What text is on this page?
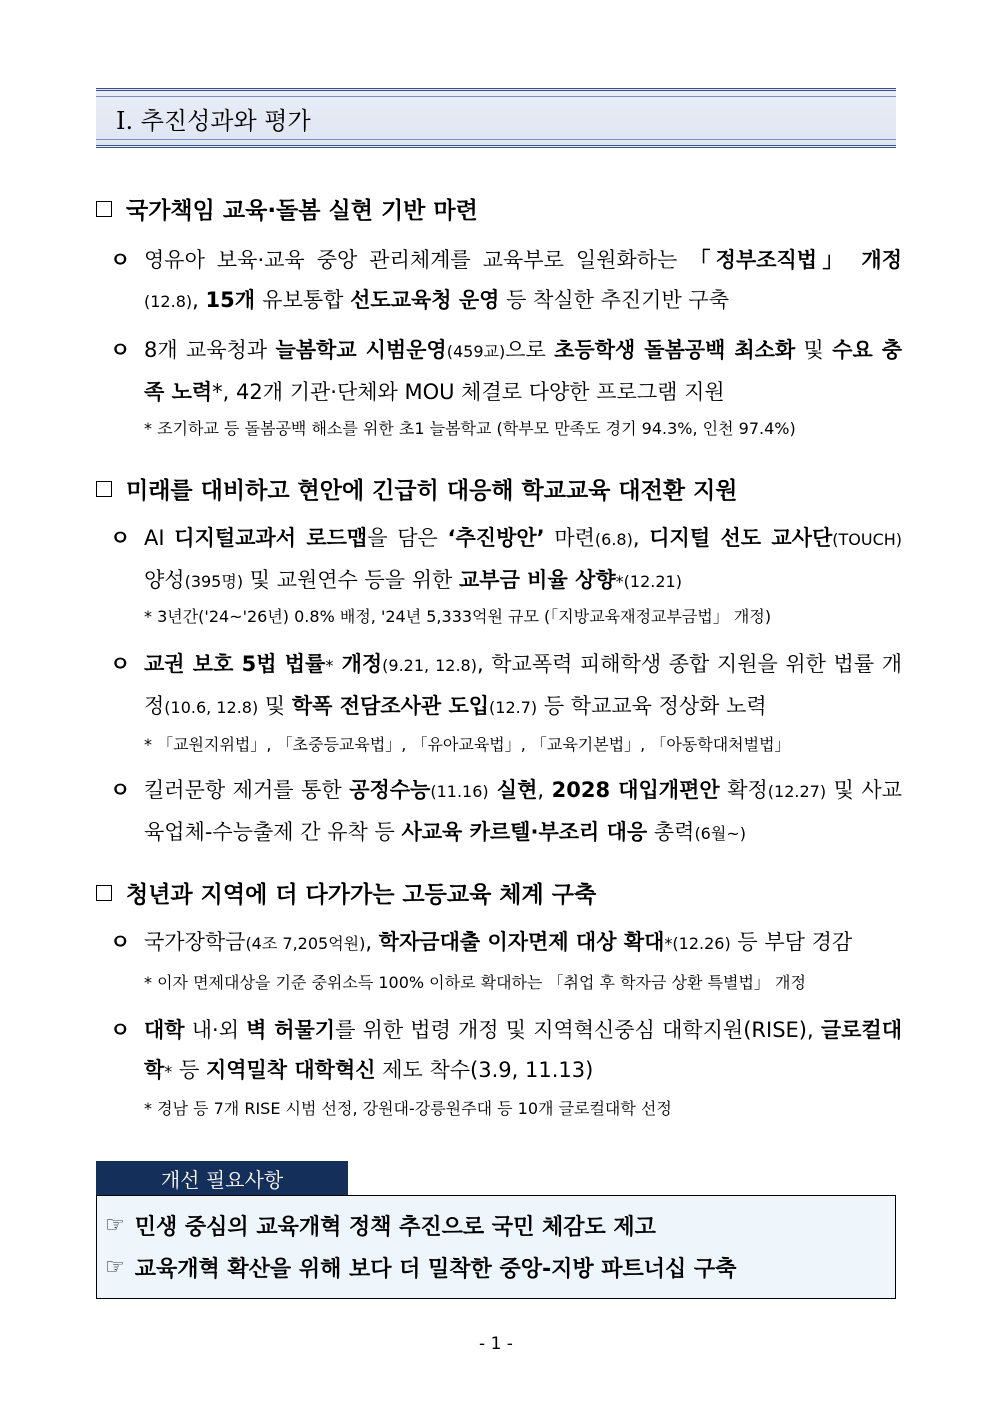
Ⅰ. 추진성과와 평가
국가책임 교육·돌봄 실현 기반 마련
ㅇ 영유아 보육·교육 중앙 관리체계를 교육부로 일원화하는 「정부조직법」 개정(12.8), 15개 유보통합 선도교육청 운영 등 착실한 추진기반 구축
ㅇ 8개 교육청과 늘봄학교 시범운영(459교)으로 초등학생 돌봄공백 최소화 및 수요 충족 노력*, 42개 기관·단체와 MOU 체결로 다양한 프로그램 지원
* 조기하교 등 돌봄공백 해소를 위한 초1 늘봄학교 (학부모 만족도 경기 94.3%, 인천 97.4%)
미래를 대비하고 현안에 긴급히 대응해 학교교육 대전환 지원
ㅇ AI 디지털교과서 로드맵을 담은 ‘추진방안’ 마련(6.8), 디지털 선도 교사단(TOUCH) 양성(395명) 및 교원연수 등을 위한 교부금 비율 상향*(12.21)
* 3년간('24~'26년) 0.8% 배정, '24년 5,333억원 규모 (「지방교육재정교부금법」 개정)
ㅇ 교권 보호 5법 법률* 개정(9.21, 12.8), 학교폭력 피해학생 종합 지원을 위한 법률 개정(10.6, 12.8) 및 학폭 전담조사관 도입(12.7) 등 학교교육 정상화 노력
* 「교원지위법」, 「초중등교육법」, 「유아교육법」, 「교육기본법」, 「아동학대처벌법」
ㅇ 킬러문항 제거를 통한 공정수능(11.16) 실현, 2028 대입개편안 확정(12.27) 및 사교육업체-수능출제 간 유착 등 사교육 카르텔·부조리 대응 총력(6월~)
청년과 지역에 더 다가가는 고등교육 체계 구축
ㅇ 국가장학금(4조 7,205억원), 학자금대출 이자면제 대상 확대*(12.26) 등 부담 경감
* 이자 면제대상을 기준 중위소득 100% 이하로 확대하는 「취업 후 학자금 상환 특별법」 개정
ㅇ 대학 내·외 벽 허물기를 위한 법령 개정 및 지역혁신중심 대학지원(RISE), 글로컬대학* 등 지역밀착 대학혁신 제도 착수(3.9, 11.13)
* 경남 등 7개 RISE 시범 선정, 강원대-강릉원주대 등 10개 글로컬대학 선정
개선 필요사항
☞ 민생 중심의 교육개혁 정책 추진으로 국민 체감도 제고
☞ 교육개혁 확산을 위해 보다 더 밀착한 중앙-지방 파트너십 구축
- 1 -
